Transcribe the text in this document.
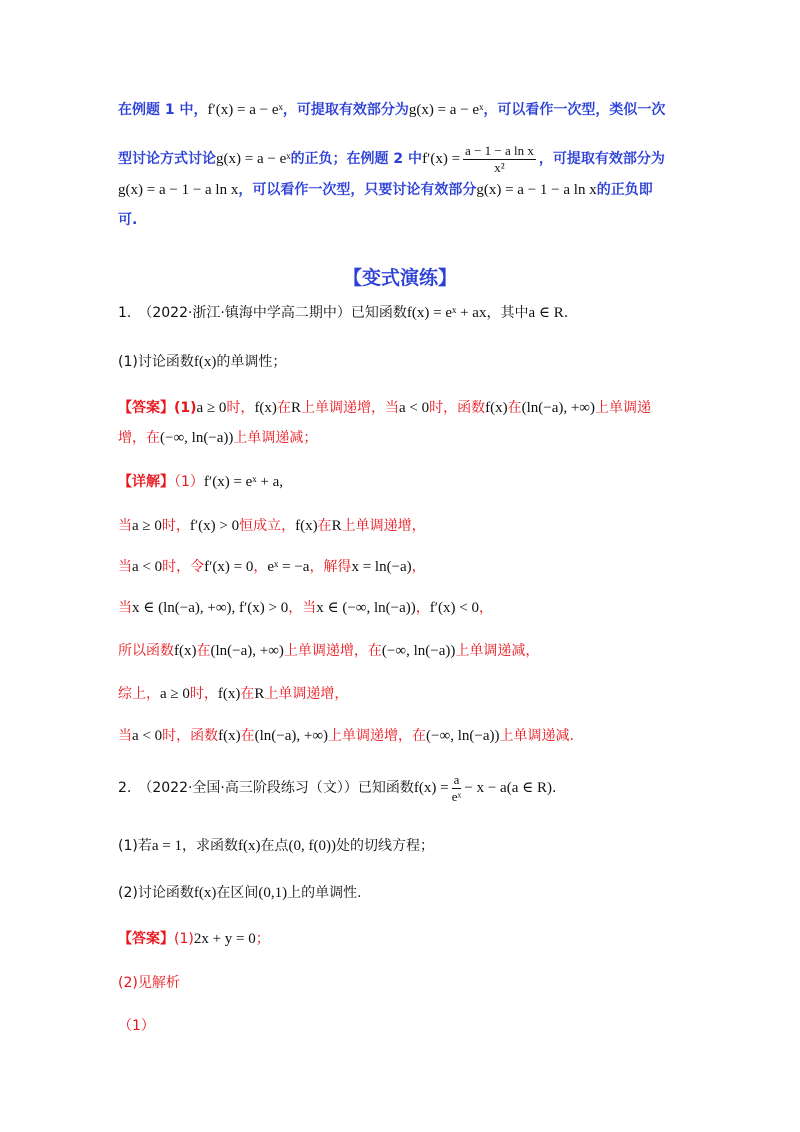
在例题 1 中，f′(x) = a − eˣ，可提取有效部分为g(x) = a − eˣ，可以看作一次型，类似一次
型讨论方式讨论g(x) = a − eˣ的正负；在例题 2 中$f'(x) = \frac{\text{a − 1 − a ln x}}{\text{x²}}$ ，可提取有效部分为
g(x) = a − 1 − a ln x，可以看作一次型，只要讨论有效部分g(x) = a − 1 − a ln x的正负即
可.
【变式演练】
1.　（2022·浙江·镇海中学高二期中）已知函数f(x) = eˣ + ax，其中a ∈ R.
(1)讨论函数f(x)的单调性；
【答案】(1)a ≥ 0时，f(x)在R上单调递增，当a < 0时，函数f(x)在(ln(−a), +∞)上单调递
增，在(−∞, ln(−a))上单调递减；
【详解】（1）f′(x) = eˣ + a,
当a ≥ 0时，f′(x) > 0恒成立，f(x)在R上单调递增，
当a < 0时，令f′(x) = 0，eˣ = −a，解得x = ln(−a)，
当x ∈ (ln(−a), +∞), f′(x) > 0，当x ∈ (−∞, ln(−a))，f′(x) < 0，
所以函数f(x)在(ln(−a), +∞)上单调递增，在(−∞, ln(−a))上单调递减，
综上，a ≥ 0时，f(x)在R上单调递增，
当a < 0时，函数f(x)在(ln(−a), +∞)上单调递增，在(−∞, ln(−a))上单调递减.
2.　（2022·全国·高三阶段练习（文））已知函数$f(x) = \frac{a}{\text{eˣ}} - x - a(a$ ∈ R).
(1)若a = 1，求函数f(x)在点(0, f(0))处的切线方程；
(2)讨论函数f(x)在区间(0,1)上的单调性.
【答案】(1)2x + y = 0；
(2)见解析
（1）
